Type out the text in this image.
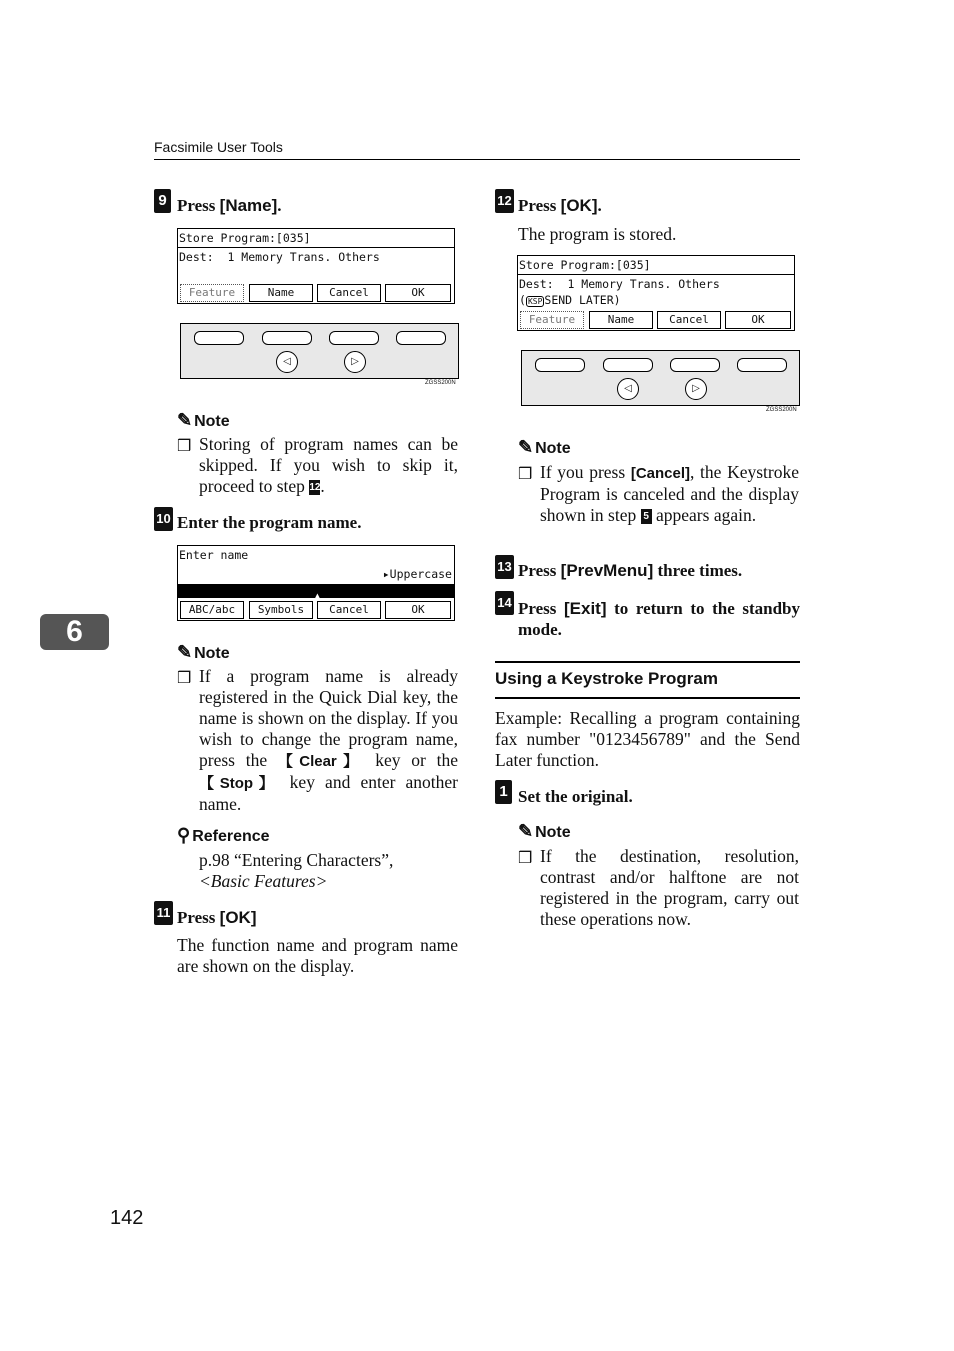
Facsimile User Tools
6
9 Press [Name].
Store Program:[035]
Dest:  1 Memory Trans. Others
Feature	Name	Cancel	OK
◁	▷
ZGSS200N
✎ Note
❒ Storing of program names can be skipped. If you wish to skip it, proceed to step 12.
10 Enter the program name.
Enter name
▸Uppercase
▲
ABC/abc	Symbols	Cancel	OK
✎ Note
❒ If a program name is already registered in the Quick Dial key, the name is shown on the display. If you wish to change the program name, press the 【Clear】 key or the 【Stop】 key and enter another name.
⚲ Reference
p.98 “Entering Characters”,
<Basic Features>
11 Press [OK]
The function name and program name are shown on the display.
12 Press [OK].
The program is stored.
Store Program:[035]
Dest:  1 Memory Trans. Others
( KSP SEND LATER)
Feature	Name	Cancel	OK
◁	▷
ZGSS200N
✎ Note
❒ If you press [Cancel], the Keystroke Program is canceled and the display shown in step 5 appears again.
13 Press [PrevMenu] three times.
14 Press [Exit] to return to the standby mode.
Using a Keystroke Program
Example: Recalling a program containing fax number "0123456789" and the Send Later function.
1 Set the original.
✎ Note
❒ If the destination, resolution, contrast and/or halftone are not registered in the program, carry out these operations now.
142
